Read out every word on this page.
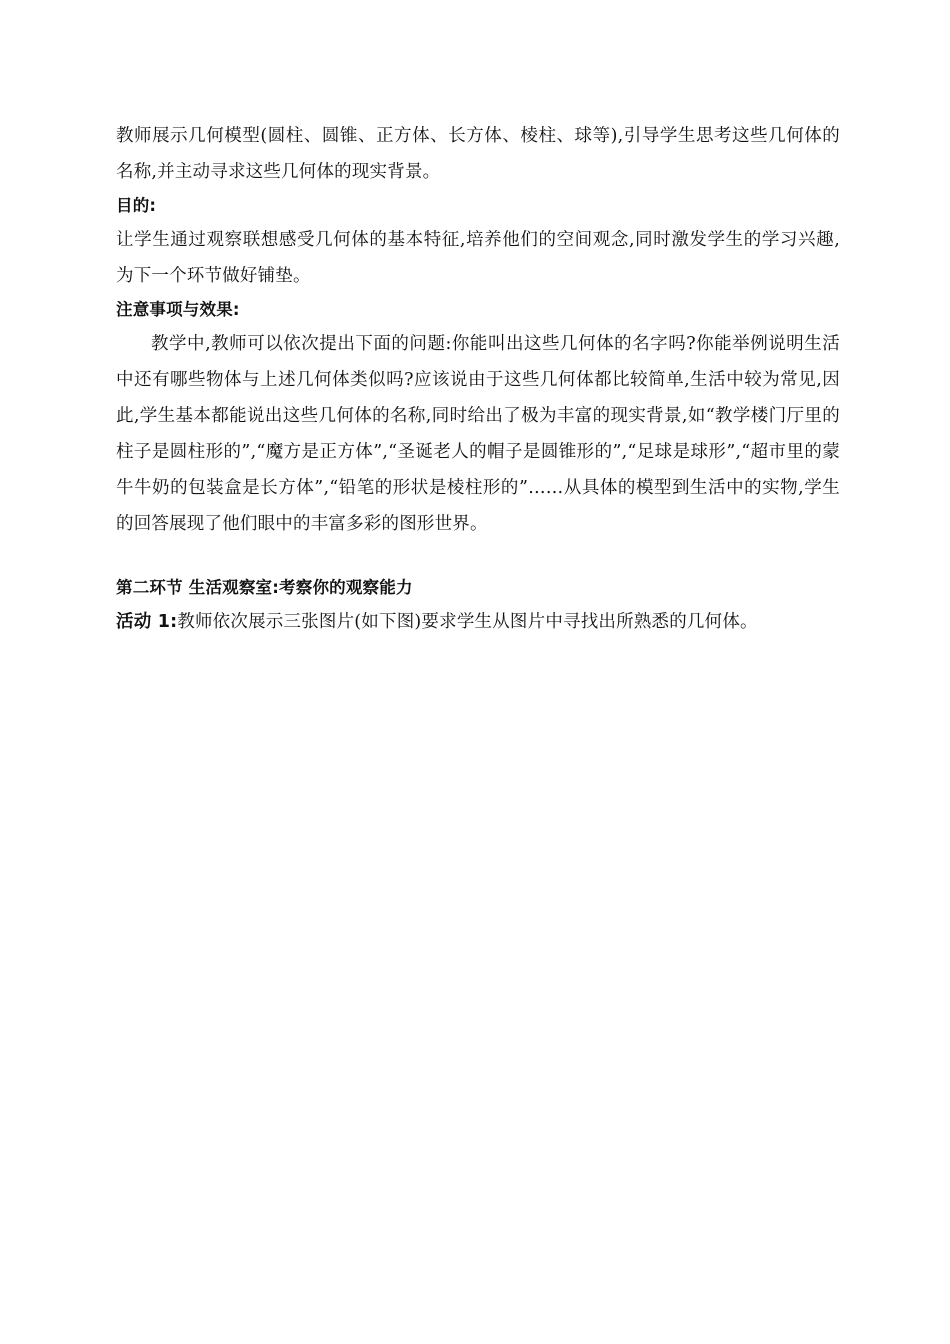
教师展示几何模型(圆柱、圆锥、正方体、长方体、棱柱、球等),引导学生思考这些几何体的名称,并主动寻求这些几何体的现实背景。

目的:

让学生通过观察联想感受几何体的基本特征,培养他们的空间观念,同时激发学生的学习兴趣,为下一个环节做好铺垫。

注意事项与效果:

教学中,教师可以依次提出下面的问题:你能叫出这些几何体的名字吗?你能举例说明生活中还有哪些物体与上述几何体类似吗?应该说由于这些几何体都比较简单,生活中较为常见,因此,学生基本都能说出这些几何体的名称,同时给出了极为丰富的现实背景,如“教学楼门厅里的柱子是圆柱形的”,“魔方是正方体”,“圣诞老人的帽子是圆锥形的”,“足球是球形”,“超市里的蒙牛牛奶的包装盒是长方体”,“铅笔的形状是棱柱形的”……从具体的模型到生活中的实物,学生的回答展现了他们眼中的丰富多彩的图形世界。

第二环节 生活观察室:考察你的观察能力

活动 1:教师依次展示三张图片(如下图)要求学生从图片中寻找出所熟悉的几何体。
